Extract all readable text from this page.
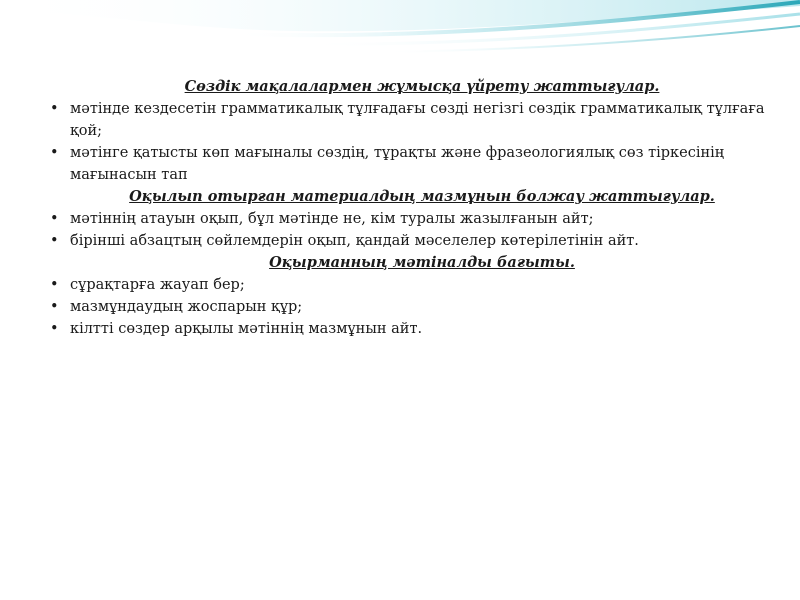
Сөздік мақалалармен жұмысқа үйрету жаттығулар.
• мәтінде кездесетін грамматикалық тұлғадағы сөзді негізгі сөздік грамматикалық тұлғаға қой;
• мәтінге қатысты көп мағыналы сөздің, тұрақты және фразеологиялық сөз тіркесінің мағынасын тап
Оқылып отырған материалдың мазмұнын болжау жаттығулар.
• мәтіннің атауын оқып, бұл мәтінде не, кім туралы жазылғанын айт;
• бірінші абзацтың сөйлемдерін оқып, қандай мәселелер көтерілетінін айт.
Оқырманның мәтіналды бағыты.
• сұрақтарға жауап бер;
• мазмұндаудың жоспарын құр;
• кілтті сөздер арқылы мәтіннің мазмұнын айт.
